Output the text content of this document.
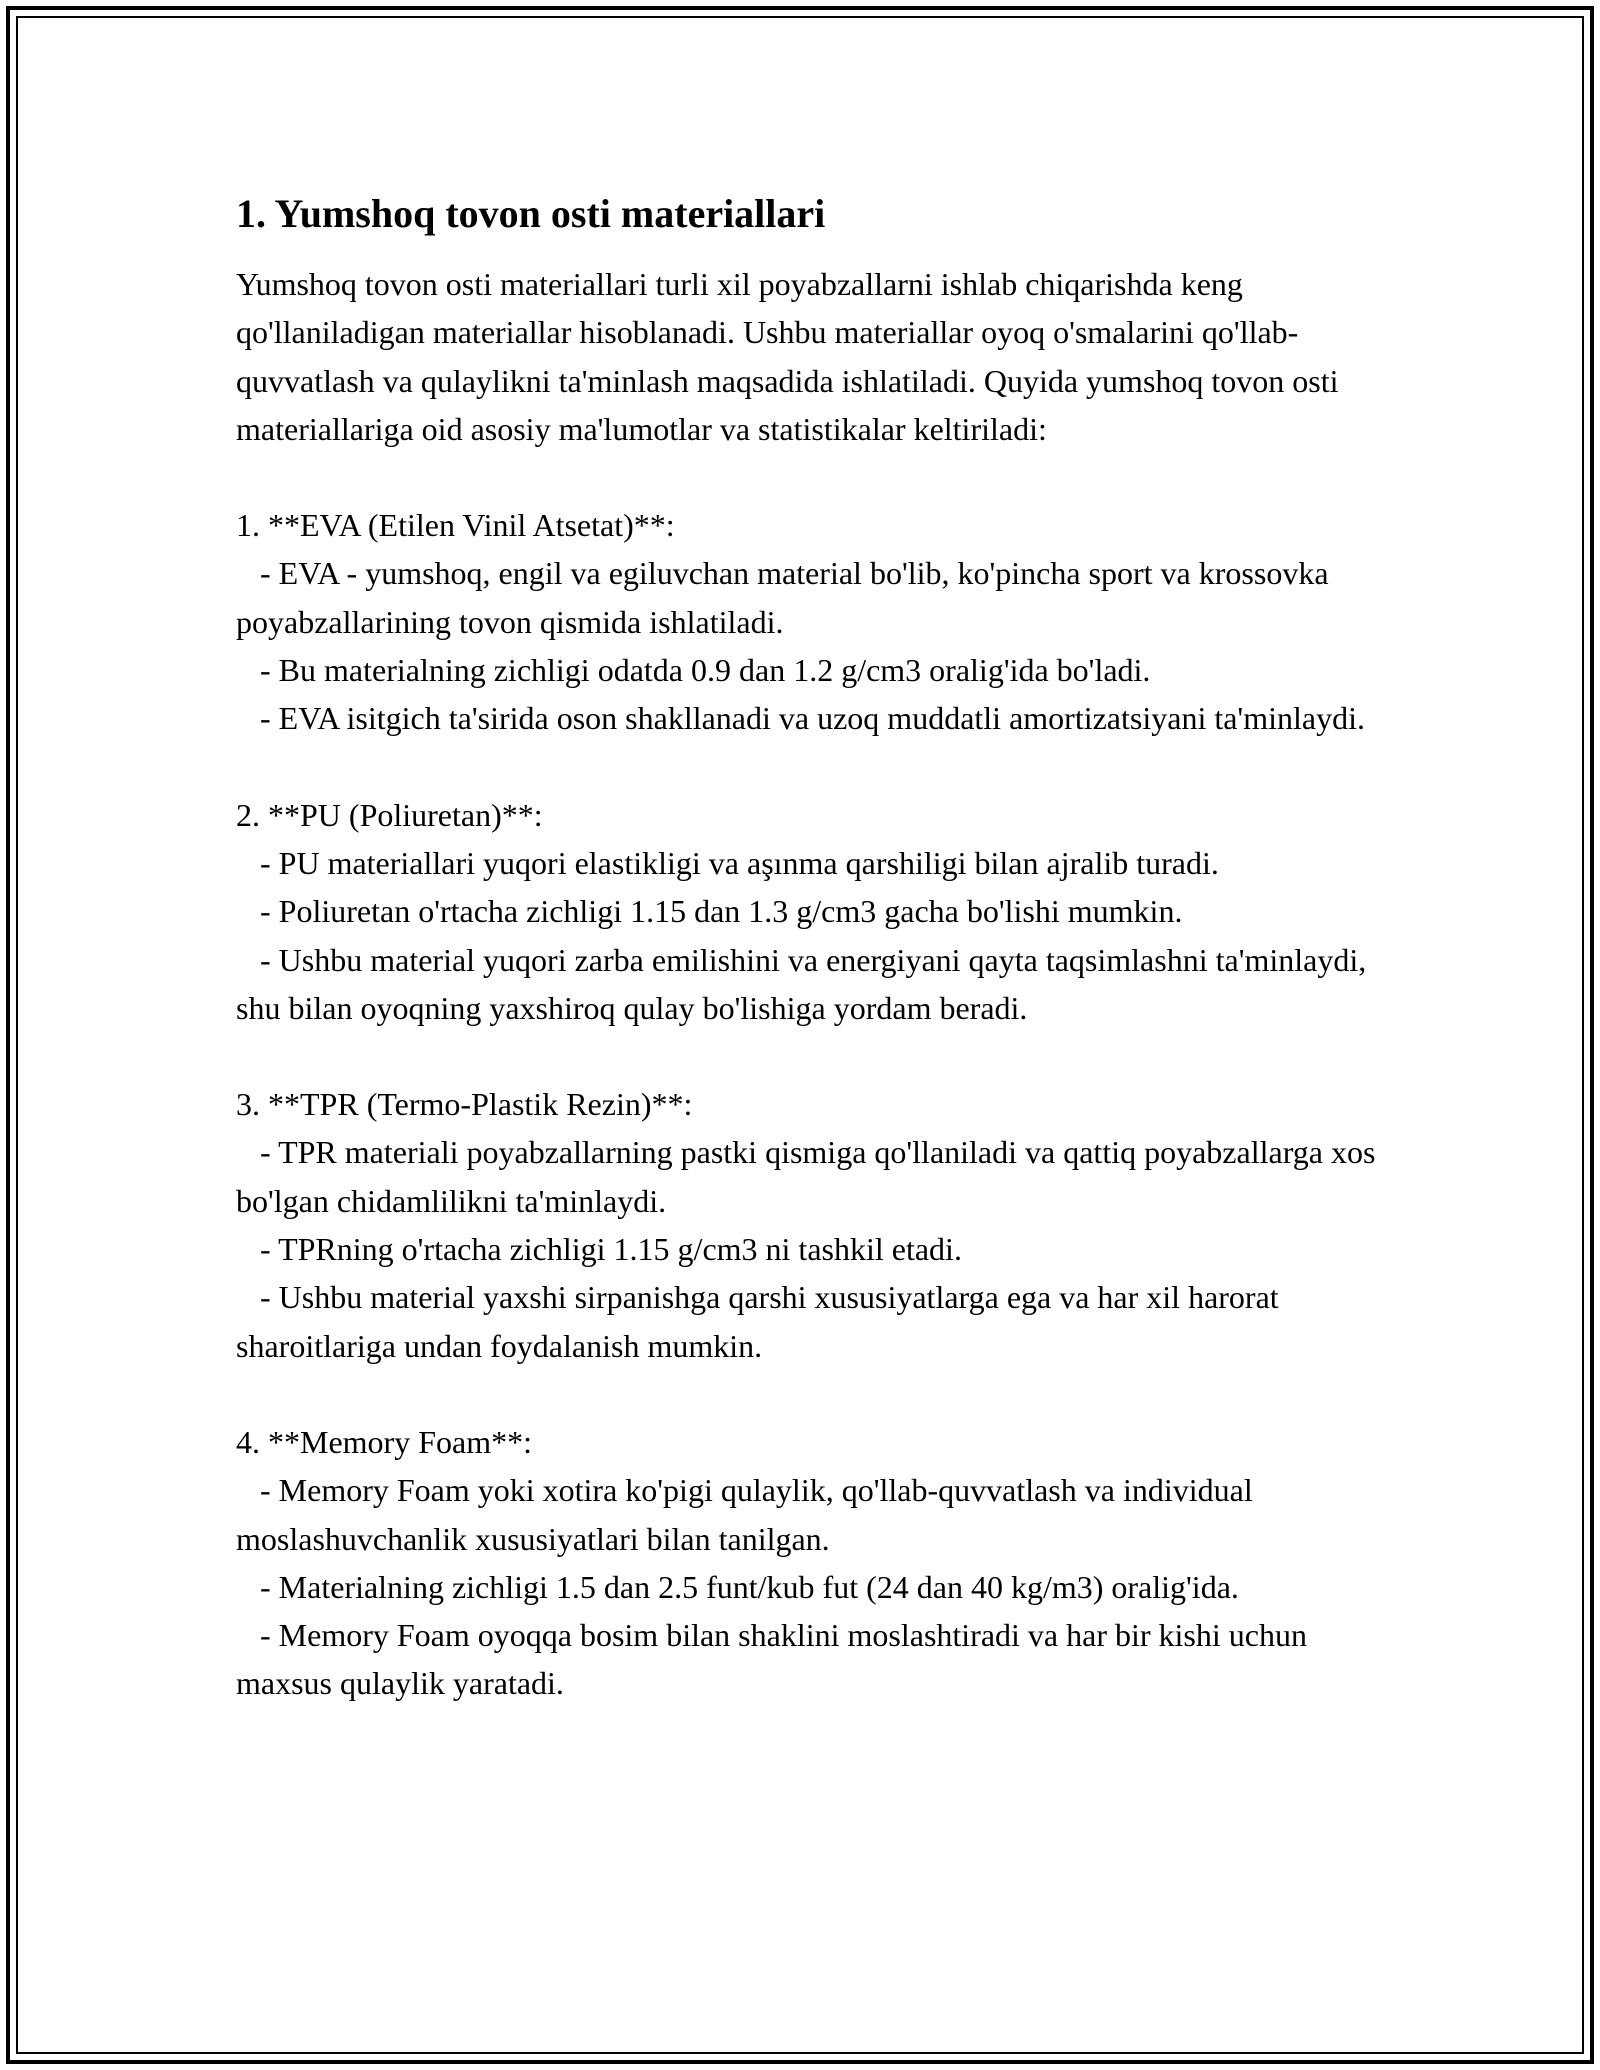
1. Yumshoq tovon osti materiallari

Yumshoq tovon osti materiallari turli xil poyabzallarni ishlab chiqarishda keng qo'llaniladigan materiallar hisoblanadi. Ushbu materiallar oyoq o'smalarini qo'llab-quvvatlash va qulaylikni ta'minlash maqsadida ishlatiladi. Quyida yumshoq tovon osti materiallariga oid asosiy ma'lumotlar va statistikalar keltiriladi:

1. **EVA (Etilen Vinil Atsetat)**:
- EVA - yumshoq, engil va egiluvchan material bo'lib, ko'pincha sport va krossovka poyabzallarining tovon qismida ishlatiladi.
- Bu materialning zichligi odatda 0.9 dan 1.2 g/cm3 oralig'ida bo'ladi.
- EVA isitgich ta'sirida oson shakllanadi va uzoq muddatli amortizatsiyani ta'minlaydi.
2. **PU (Poliuretan)**:
- PU materiallari yuqori elastikligi va aşınma qarshiligi bilan ajralib turadi.
- Poliuretan o'rtacha zichligi 1.15 dan 1.3 g/cm3 gacha bo'lishi mumkin.
- Ushbu material yuqori zarba emilishini va energiyani qayta taqsimlashni ta'minlaydi, shu bilan oyoqning yaxshiroq qulay bo'lishiga yordam beradi.
3. **TPR (Termo-Plastik Rezin)**:
- TPR materiali poyabzallarning pastki qismiga qo'llaniladi va qattiq poyabzallarga xos bo'lgan chidamlilikni ta'minlaydi.
- TPRning o'rtacha zichligi 1.15 g/cm3 ni tashkil etadi.
- Ushbu material yaxshi sirpanishga qarshi xususiyatlarga ega va har xil harorat sharoitlariga undan foydalanish mumkin.
4. **Memory Foam**:
- Memory Foam yoki xotira ko'pigi qulaylik, qo'llab-quvvatlash va individual moslashuvchanlik xususiyatlari bilan tanilgan.
- Materialning zichligi 1.5 dan 2.5 funt/kub fut (24 dan 40 kg/m3) oralig'ida.
- Memory Foam oyoqqa bosim bilan shaklini moslashtiradi va har bir kishi uchun maxsus qulaylik yaratadi.
